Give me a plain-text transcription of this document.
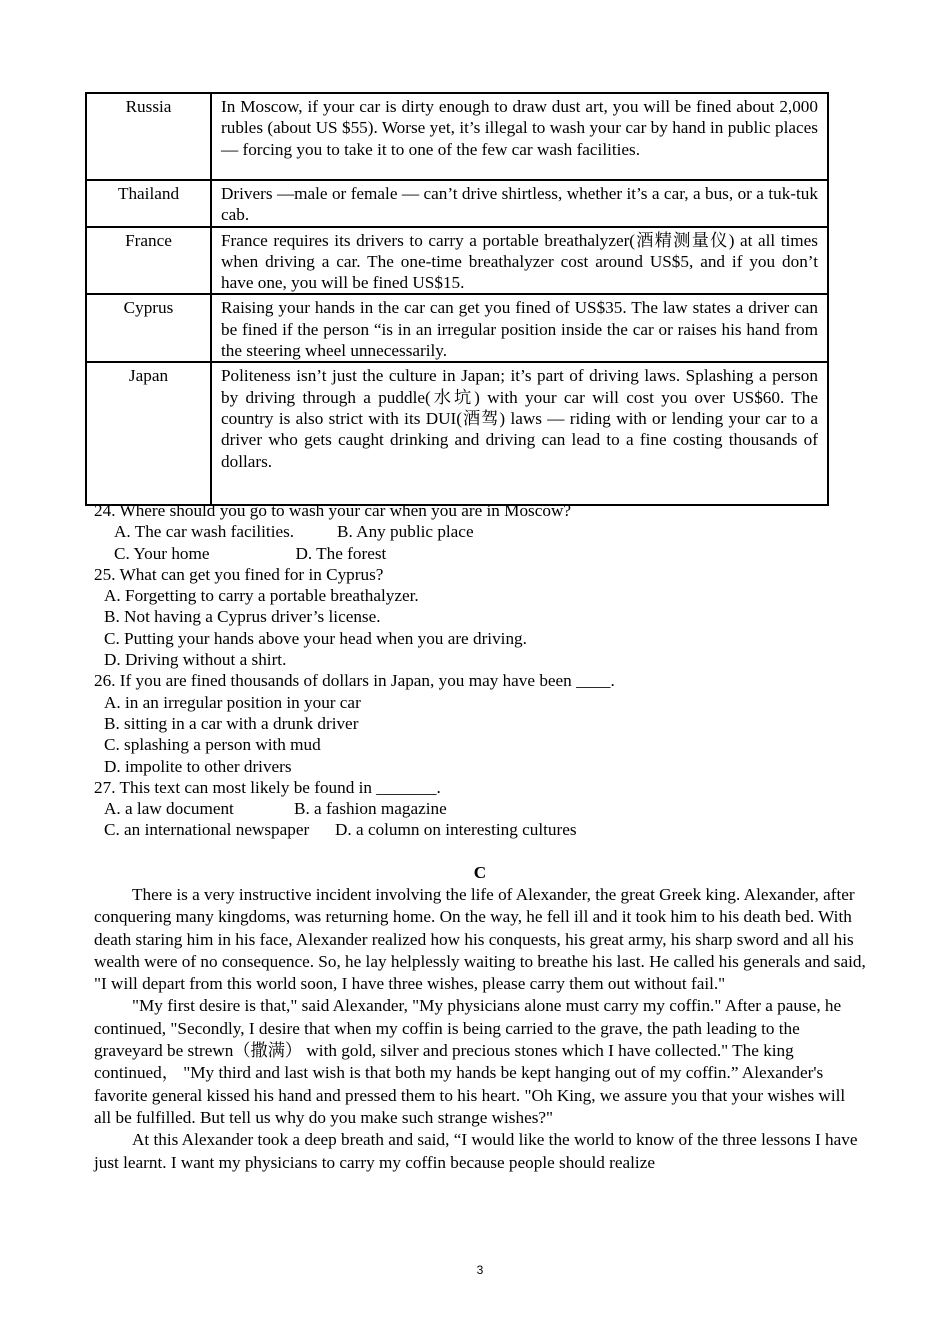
Russia	In Moscow, if your car is dirty enough to draw dust art, you will be fined about 2,000 rubles (about US $55). Worse yet, it’s illegal to wash your car by hand in public places — forcing you to take it to one of the few car wash facilities.
Thailand	Drivers —male or female — can’t drive shirtless, whether it’s a car, a bus, or a tuk-tuk cab.
France	France requires its drivers to carry a portable breathalyzer(酒精测量仪) at all times when driving a car. The one-time breathalyzer cost around US$5, and if you don’t have one, you will be fined US$15.
Cyprus	Raising your hands in the car can get you fined of US$35. The law states a driver can be fined if the person “is in an irregular position inside the car or raises his hand from the steering wheel unnecessarily.
Japan	Politeness isn’t just the culture in Japan; it’s part of driving laws. Splashing a person by driving through a puddle(水坑) with your car will cost you over US$60. The country is also strict with its DUI(酒驾) laws — riding with or lending your car to a driver who gets caught drinking and driving can lead to a fine costing thousands of dollars.
24. Where should you go to wash your car when you are in Moscow?
A. The car wash facilities.          B. Any public place
C. Your home                    D. The forest
25. What can get you fined for in Cyprus?
A. Forgetting to carry a portable breathalyzer.
B. Not having a Cyprus driver’s license.
C. Putting your hands above your head when you are driving.
D. Driving without a shirt.
26. If you are fined thousands of dollars in Japan, you may have been ____.
A. in an irregular position in your car
B. sitting in a car with a drunk driver
C. splashing a person with mud
D. impolite to other drivers
27. This text can most likely be found in _______.
A. a law document              B. a fashion magazine
C. an international newspaper      D. a column on interesting cultures
C

There is a very instructive incident involving the life of Alexander, the great Greek king. Alexander, after conquering many kingdoms, was returning home. On the way, he fell ill and it took him to his death bed. With death staring him in his face, Alexander realized how his conquests, his great army, his sharp sword and all his wealth were of no consequence. So, he lay helplessly waiting to breathe his last. He called his generals and said, "I will depart from this world soon, I have three wishes, please carry them out without fail."

"My first desire is that," said Alexander, "My physicians alone must carry my coffin." After a pause, he continued, "Secondly, I desire that when my coffin is being carried to the grave, the path leading to the graveyard be strewn（撒满） with gold, silver and precious stones which I have collected." The king continued， "My third and last wish is that both my hands be kept hanging out of my coffin.” Alexander's favorite general kissed his hand and pressed them to his heart. "Oh King, we assure you that your wishes will all be fulfilled. But tell us why do you make such strange wishes?"

At this Alexander took a deep breath and said, “I would like the world to know of the three lessons I have just learnt. I want my physicians to carry my coffin because people should realize

3
